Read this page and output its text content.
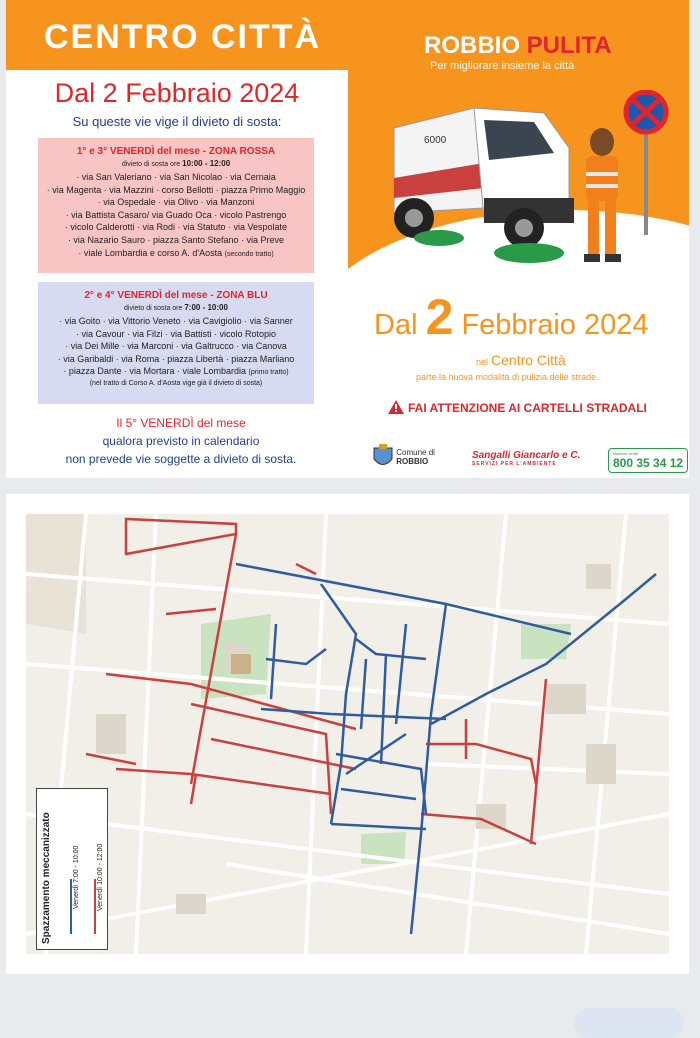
CENTRO CITTÀ
Dal 2 Febbraio 2024
Su queste vie vige il divieto di sosta:
1° e 3° VENERDÌ del mese - ZONA ROSSA
divieto di sosta ore 10:00 - 12:00
· via San Valeriano · via San Nicolao · via Cernaia
· via Magenta · via Mazzini · corso Bellotti · piazza Primo Maggio
· via Ospedale · via Olivo · via Manzoni
· via Battista Casaro/ via Guado Oca · vicolo Pastrengo
· vicolo Calderotti · via Rodi · via Statuto · via Vespolate
· via Nazario Sauro · piazza Santo Stefano · via Preve
· viale Lombardia e corso A. d'Aosta (secondo tratto)
2° e 4° VENERDÌ del mese - ZONA BLU
divieto di sosta ore 7:00 - 10:00
· via Goito · via Vittorio Veneto · via Cavigiolio · via Sanner
· via Cavour · via Filzi · via Battisti · vicolo Rotopio
· via Dei Mille · via Marconi · via Galtrucco · via Canova
· via Garibaldi · via Roma · piazza Libertà · piazza Marliano
· piazza Dante · via Mortara · viale Lombardia (primo tratto)
(nel tratto di Corso A. d'Aosta vige già il divieto di sosta)
Il 5° VENERDÌ del mese
qualora previsto in calendario
non prevede vie soggette a divieto di sosta.
ROBBIO PULITA
Per migliorare insieme la città
6000
Dal 2 Febbraio 2024
nel Centro Città
parte la nuova modalità di pulizia delle strade.
FAI ATTENZIONE AI CARTELLI STRADALI
Comune di
ROBBIO
Sangalli Giancarlo e C.
SERVIZI PER L'AMBIENTE
Numero verde
800 35 34 12
Spazzamento meccanizzato	Venerdì 7:00 - 10:00 Venerdì 10:00 - 12:00
